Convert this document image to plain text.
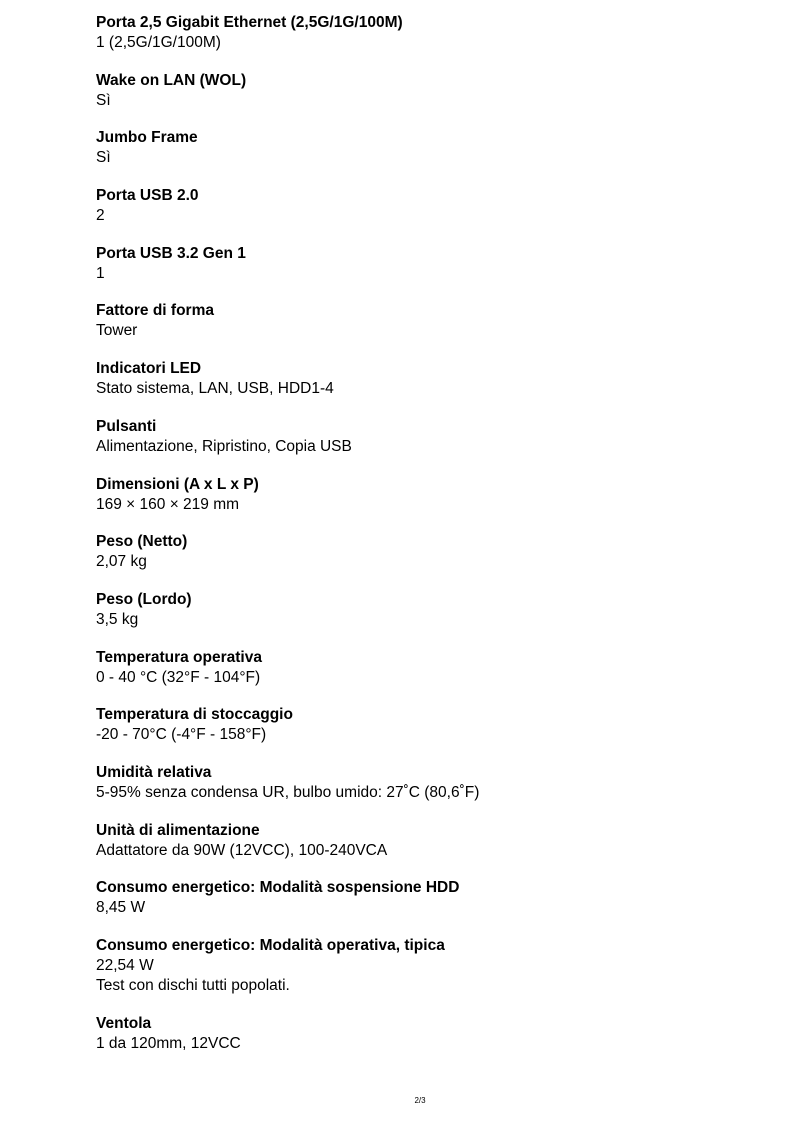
Porta 2,5 Gigabit Ethernet (2,5G/1G/100M)
1 (2,5G/1G/100M)
Wake on LAN (WOL)
Sì
Jumbo Frame
Sì
Porta USB 2.0
2
Porta USB 3.2 Gen 1
1
Fattore di forma
Tower
Indicatori LED
Stato sistema, LAN, USB, HDD1-4
Pulsanti
Alimentazione, Ripristino, Copia USB
Dimensioni (A x L x P)
169 × 160 × 219 mm
Peso (Netto)
2,07 kg
Peso (Lordo)
3,5 kg
Temperatura operativa
0 - 40 °C (32°F - 104°F)
Temperatura di stoccaggio
-20 - 70°C (-4°F - 158°F)
Umidità relativa
5-95% senza condensa UR, bulbo umido: 27˚C (80,6˚F)
Unità di alimentazione
Adattatore da 90W (12VCC), 100-240VCA
Consumo energetico: Modalità sospensione HDD
8,45 W
Consumo energetico: Modalità operativa, tipica
22,54 W
Test con dischi tutti popolati.
Ventola
1 da 120mm, 12VCC
2/3
